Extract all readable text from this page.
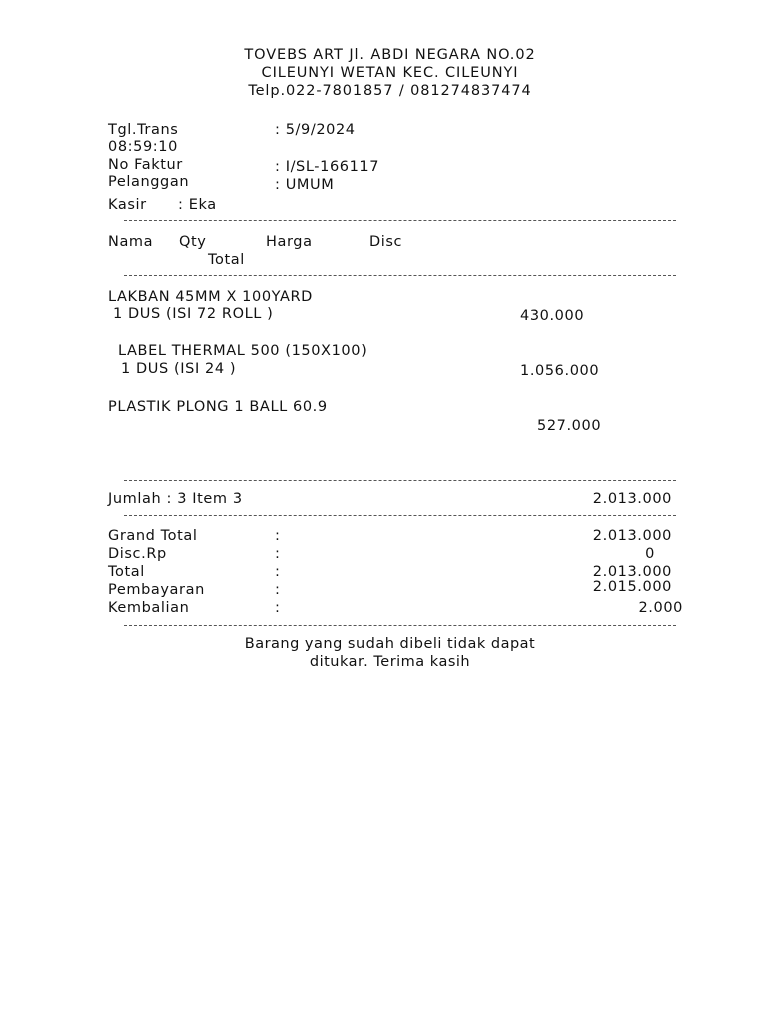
TOVEBS ART Jl. ABDI NEGARA NO.02
CILEUNYI WETAN KEC. CILEUNYI
Telp.022-7801857 / 081274837474
Tgl.Trans	: 5/9/2024
08:59:10
No Faktur	: I/SL-166117
Pelanggan	: UMUM
Kasir : Eka
Nama Qty	Harga	Disc
Total
LAKBAN 45MM X 100YARD
1 DUS (ISI 72 ROLL )	430.000
LABEL THERMAL 500 (150X100)
1 DUS (ISI 24 )	1.056.000
PLASTIK PLONG 1 BALL 60.9
527.000
Jumlah : 3 Item 3	2.013.000
Grand Total	:	2.013.000
Disc.Rp	:	0
Total	:	2.013.000
Pembayaran	:	2.015.000
Kembalian	:	2.000
Barang yang sudah dibeli tidak dapat
ditukar. Terima kasih
